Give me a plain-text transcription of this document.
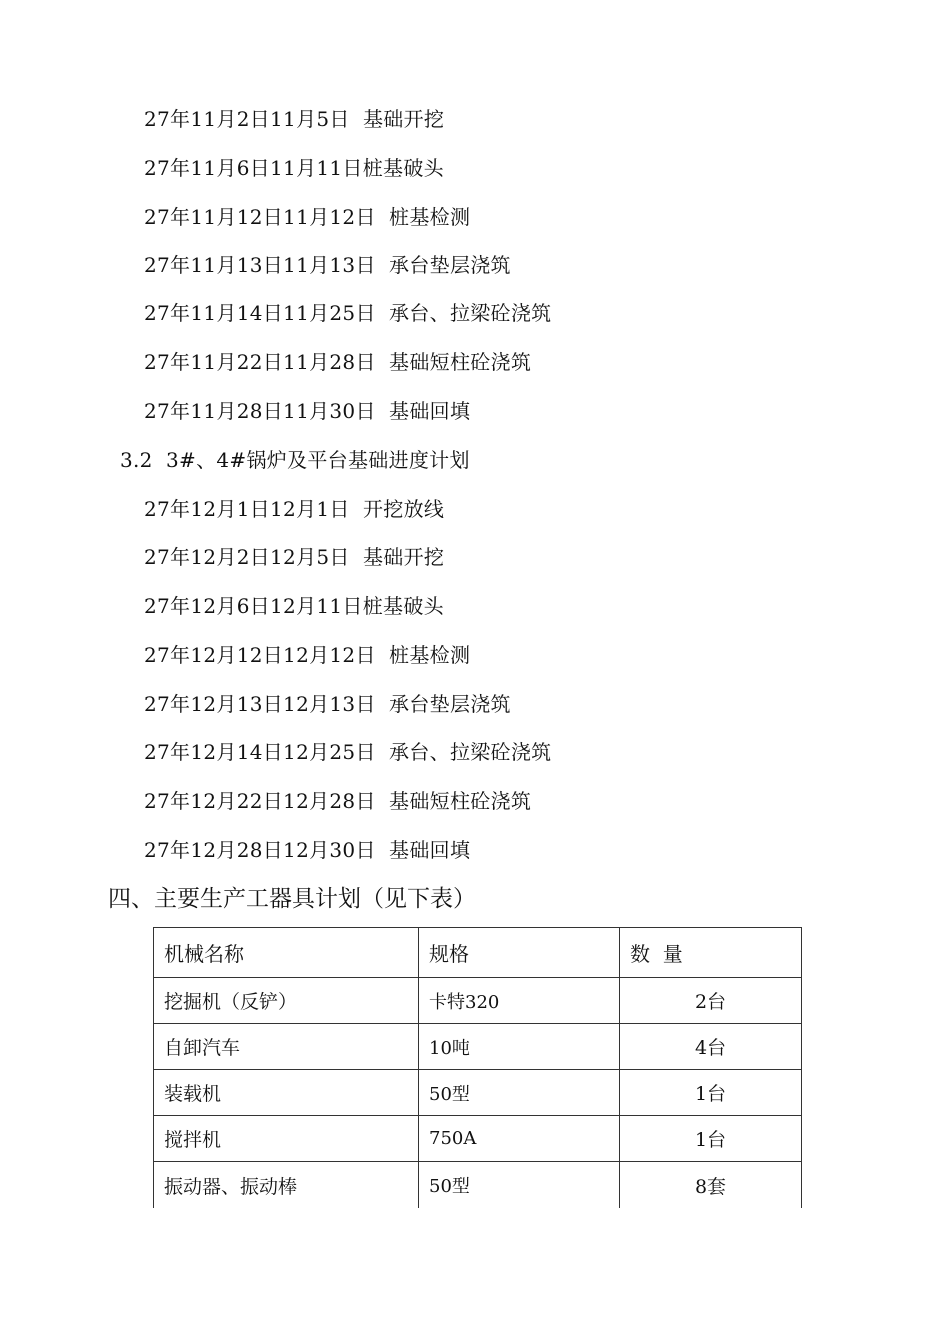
27年11月2日11月5日  基础开挖
27年11月6日11月11日桩基破头
27年11月12日11月12日  桩基检测
27年11月13日11月13日  承台垫层浇筑
27年11月14日11月25日  承台、拉梁砼浇筑
27年11月22日11月28日  基础短柱砼浇筑
27年11月28日11月30日  基础回填
3.2  3#、4#锅炉及平台基础进度计划
27年12月1日12月1日  开挖放线
27年12月2日12月5日  基础开挖
27年12月6日12月11日桩基破头
27年12月12日12月12日  桩基检测
27年12月13日12月13日  承台垫层浇筑
27年12月14日12月25日  承台、拉梁砼浇筑
27年12月22日12月28日  基础短柱砼浇筑
27年12月28日12月30日  基础回填
四、主要生产工器具计划（见下表）
机械名称	规格	数  量
挖掘机（反铲）	卡特320	2台
自卸汽车	10吨	4台
装载机	50型	1台
搅拌机	750A	1台
振动器、振动棒	50型	8套
